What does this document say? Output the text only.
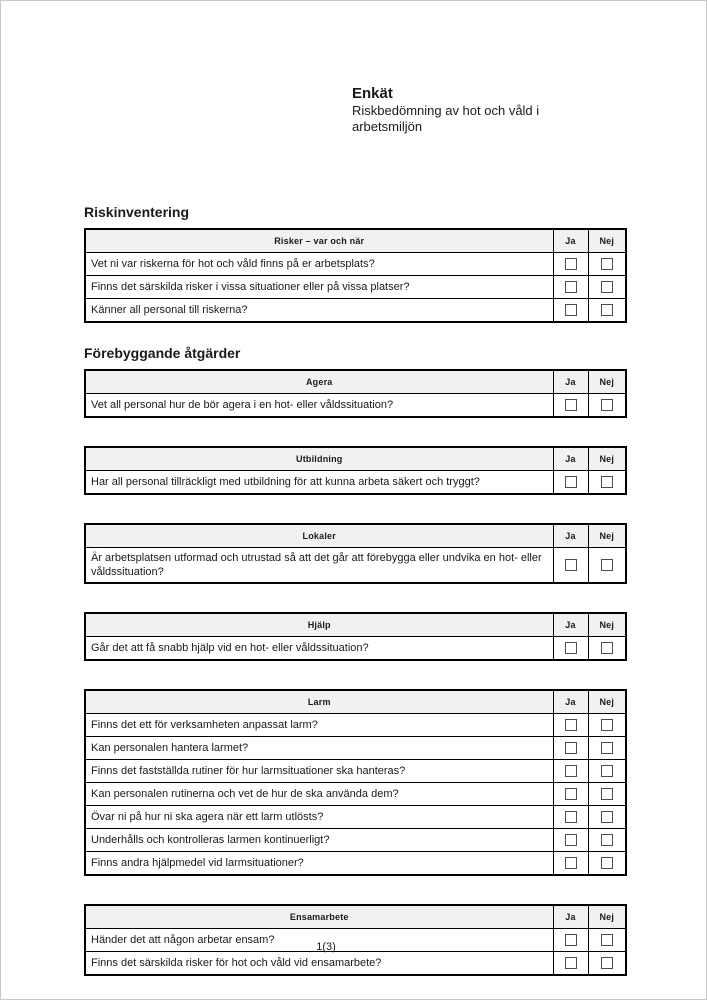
Enkät
Riskbedömning av hot och våld i
arbetsmiljön
Riskinventering
Risker – var och när	Ja	Nej
Vet ni var riskerna för hot och våld finns på er arbetsplats?		
Finns det särskilda risker i vissa situationer eller på vissa platser?		
Känner all personal till riskerna?		
Förebyggande åtgärder
Agera	Ja	Nej
Vet all personal hur de bör agera i en hot- eller våldssituation?		
Utbildning	Ja	Nej
Har all personal tillräckligt med utbildning för att kunna arbeta säkert och tryggt?		
Lokaler	Ja	Nej
Är arbetsplatsen utformad och utrustad så att det går att förebygga eller undvika en hot- eller våldssituation?		
Hjälp	Ja	Nej
Går det att få snabb hjälp vid en hot- eller våldssituation?		
Larm	Ja	Nej
Finns det ett för verksamheten anpassat larm?		
Kan personalen hantera larmet?		
Finns det fastställda rutiner för hur larmsituationer ska hanteras?		
Kan personalen rutinerna och vet de hur de ska använda dem?		
Övar ni på hur ni ska agera när ett larm utlösts?		
Underhålls och kontrolleras larmen kontinuerligt?		
Finns andra hjälpmedel vid larmsituationer?		
Ensamarbete	Ja	Nej
Händer det att någon arbetar ensam?		
Finns det särskilda risker för hot och våld vid ensamarbete?		
1(3)
